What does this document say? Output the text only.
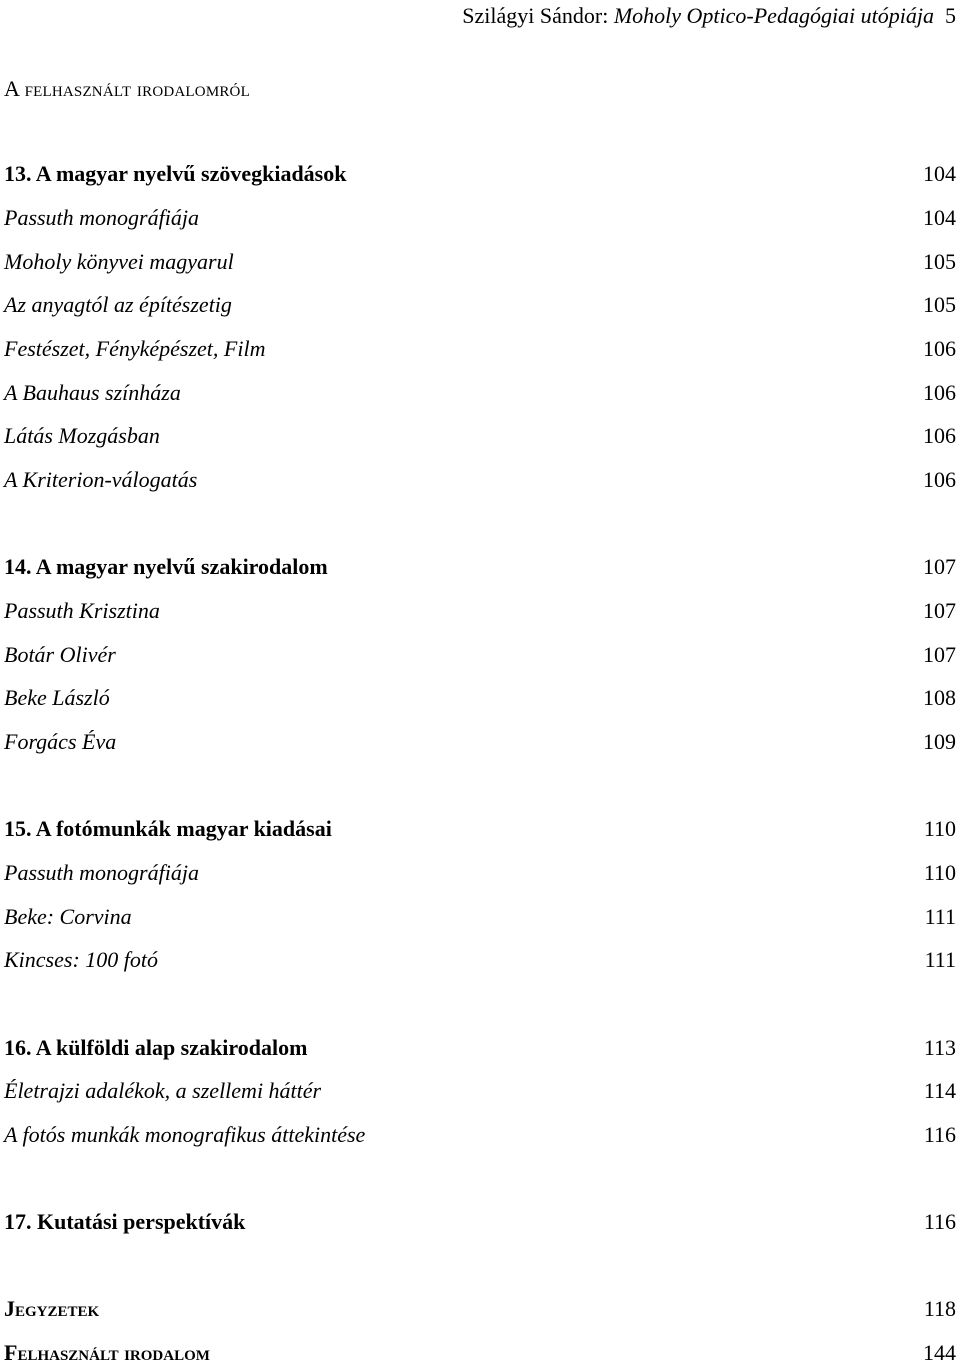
Szilágyi Sándor: Moholy Optico-Pedagógiai utópiája 5
A felhasznált irodalomról
13. A magyar nyelvű szövegkiadások	104
Passuth monográfiája	104
Moholy könyvei magyarul	105
Az anyagtól az építészetig	105
Festészet, Fényképészet, Film	106
A Bauhaus színháza	106
Látás Mozgásban	106
A Kriterion-válogatás	106
14. A magyar nyelvű szakirodalom	107
Passuth Krisztina	107
Botár Olivér	107
Beke László	108
Forgács Éva	109
15. A fotómunkák magyar kiadásai	110
Passuth monográfiája	110
Beke: Corvina	111
Kincses: 100 fotó	111
16. A külföldi alap szakirodalom	113
Életrajzi adalékok, a szellemi háttér	114
A fotós munkák monografikus áttekintése	116
17. Kutatási perspektívák	116
Jegyzetek	118
Felhasznált irodalom	144
